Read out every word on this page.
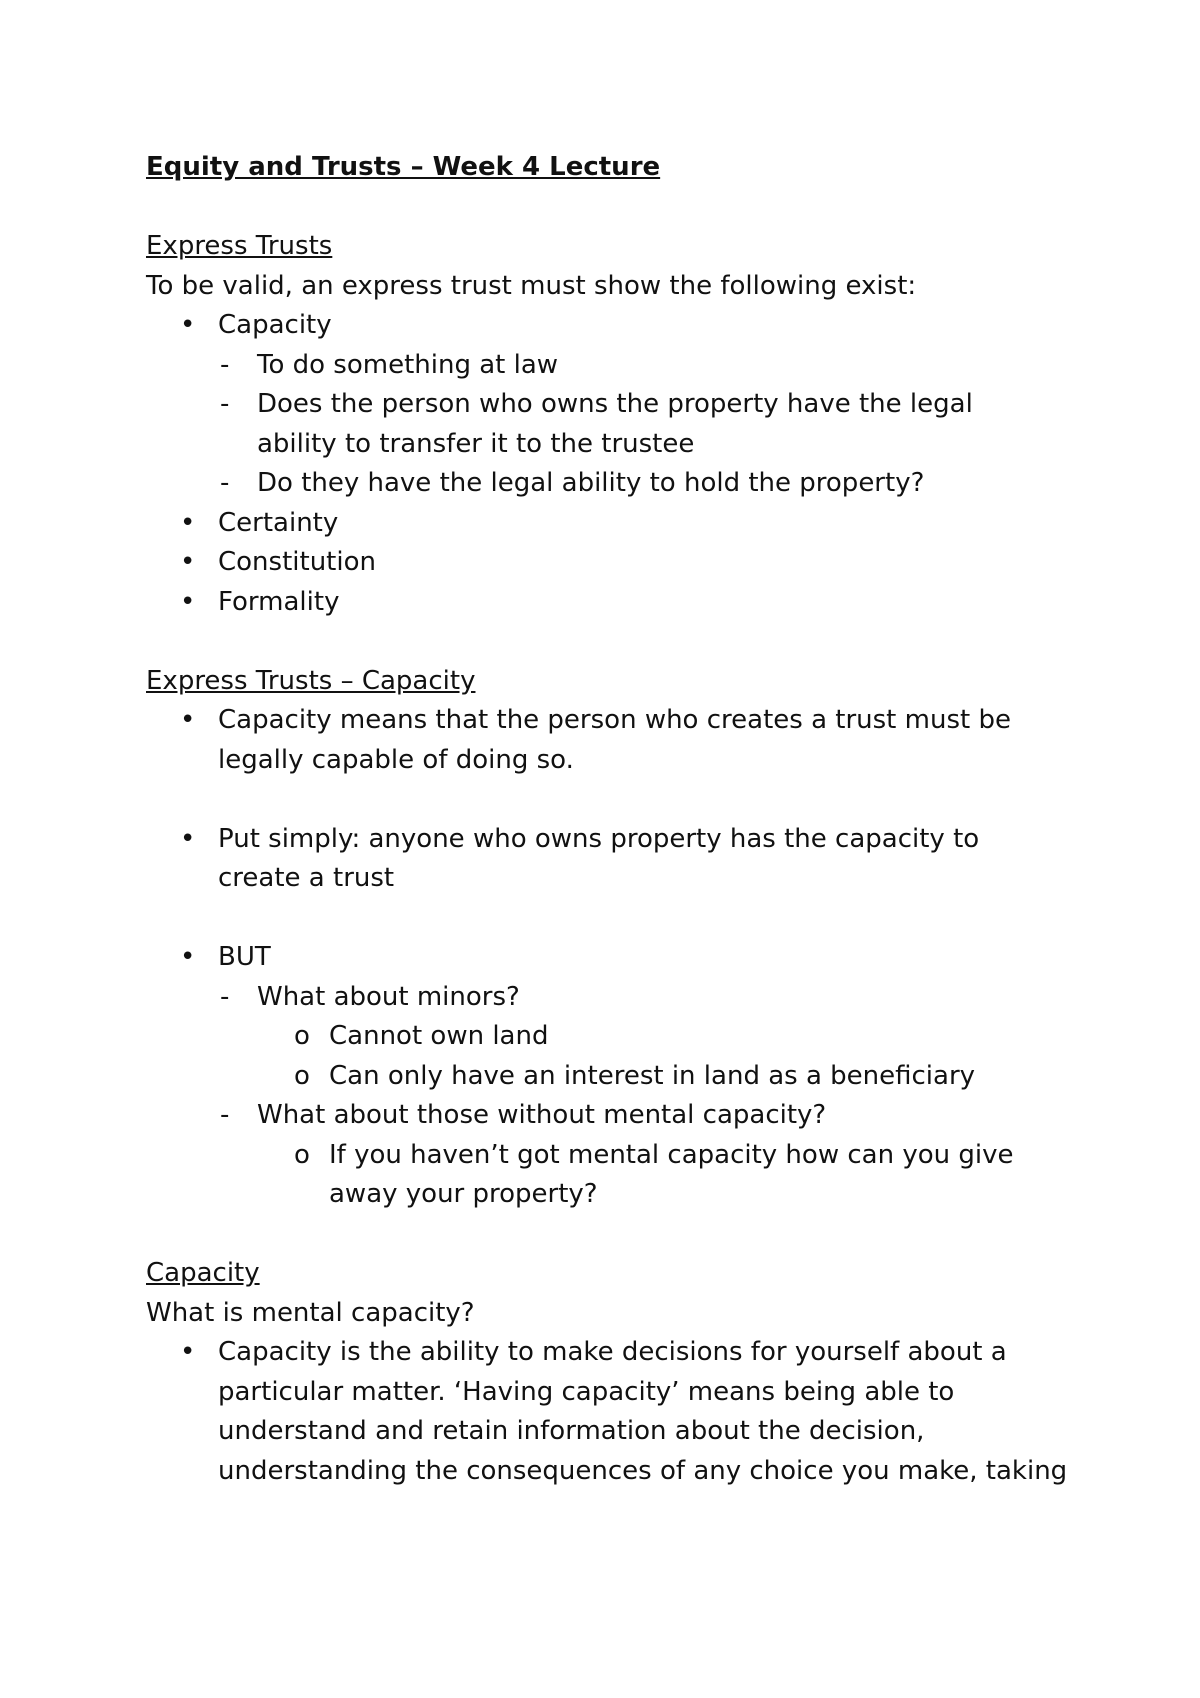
Equity and Trusts – Week 4 Lecture

Express Trusts

To be valid, an express trust must show the following exist:

• Capacity

- To do something at law

- Does the person who owns the property have the legal

ability to transfer it to the trustee

- Do they have the legal ability to hold the property?

• Certainty

• Constitution

• Formality

Express Trusts – Capacity

• Capacity means that the person who creates a trust must be

legally capable of doing so.

• Put simply: anyone who owns property has the capacity to

create a trust

• BUT

- What about minors?

o Cannot own land

o Can only have an interest in land as a beneficiary

- What about those without mental capacity?

o If you haven’t got mental capacity how can you give

away your property?

Capacity

What is mental capacity?

• Capacity is the ability to make decisions for yourself about a

particular matter. ‘Having capacity’ means being able to

understand and retain information about the decision,

understanding the consequences of any choice you make, taking
